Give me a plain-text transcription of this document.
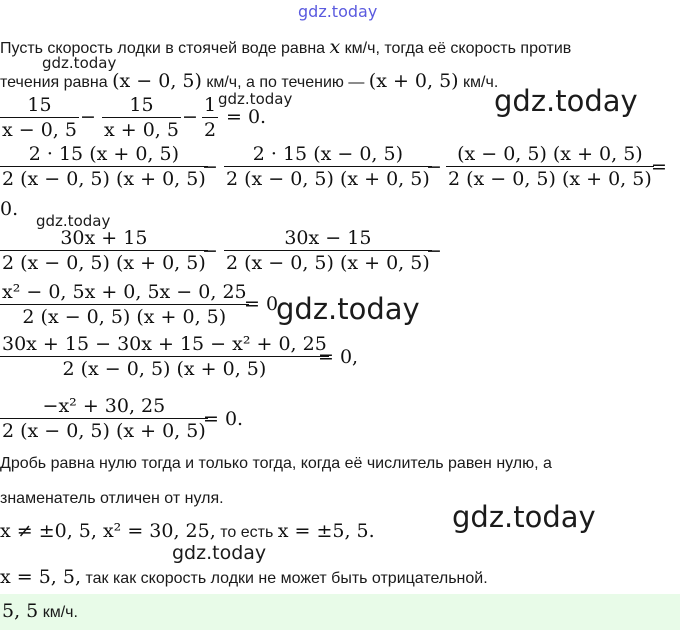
gdz.today
Пусть скорость лодки в стоячей воде равна x км/ч, тогда её скорость против
gdz.today
течения равна (x − 0, 5) км/ч, а по течению — (x + 0, 5) км/ч.
15
x − 0, 5
−
15
x + 0, 5
−
1
2
= 0.
gdz.today	gdz.today
2 · 15 (x + 0, 5)
2 (x − 0, 5) (x + 0, 5)
−
2 · 15 (x − 0, 5)
2 (x − 0, 5) (x + 0, 5)
−
(x − 0, 5) (x + 0, 5)
2 (x − 0, 5) (x + 0, 5)
=
0.
gdz.today
30x + 15
2 (x − 0, 5) (x + 0, 5)
−
30x − 15
2 (x − 0, 5) (x + 0, 5)
−
x² − 0, 5x + 0, 5x − 0, 25
2 (x − 0, 5) (x + 0, 5)
= 0
gdz.today
30x + 15 − 30x + 15 − x² + 0, 25
2 (x − 0, 5) (x + 0, 5)
= 0,
−x² + 30, 25
2 (x − 0, 5) (x + 0, 5)
= 0.
Дробь равна нулю тогда и только тогда, когда её числитель равен нулю, а
знаменатель отличен от нуля.
x ≠ ±0, 5, x² = 30, 25, то есть x = ±5, 5.	gdz.today
gdz.today
x = 5, 5, так как скорость лодки не может быть отрицательной.
5, 5 км/ч.
